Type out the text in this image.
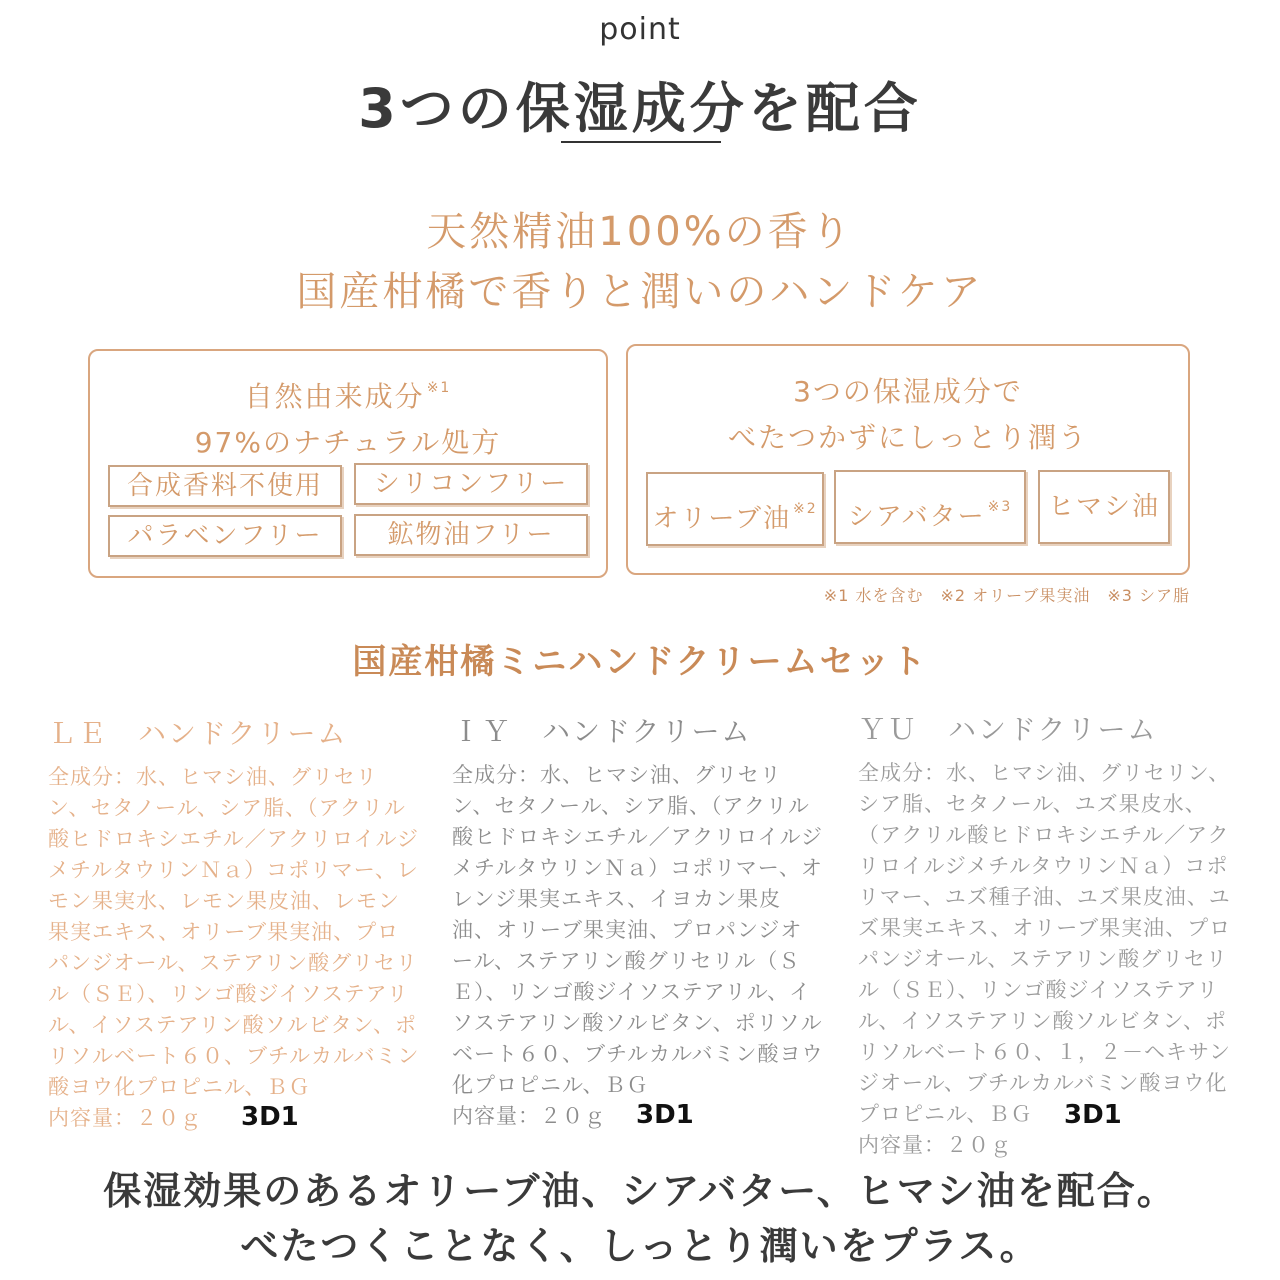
point
3つの保湿成分を配合
天然精油100%の香り
国産柑橘で香りと潤いのハンドケア
自然由来成分 $^{※1}$
97%のナチュラル処方
合成香料不使用	シリコンフリー
パラベンフリー	鉱物油フリー
3つの保湿成分で
べたつかずにしっとり潤う
オリーブ油 $^{※2}$	シアバター $^{※3}$	ヒマシ油
※1 水を含む　※2 オリーブ果実油　※3 シア脂
国産柑橘ミニハンドクリームセット
ＬＥ　ハンドクリーム
全成分：水、ヒマシ油、グリセリン、セタノール、シア脂、（アクリル酸ヒドロキシエチル／アクリロイルジメチルタウリンＮａ）コポリマー、レモン果実水、レモン果皮油、レモン果実エキス、オリーブ果実油、プロパンジオール、ステアリン酸グリセリル（ＳＥ）、リンゴ酸ジイソステアリル、イソステアリン酸ソルビタン、ポリソルベート６０、ブチルカルバミン酸ヨウ化プロピニル、ＢＧ
内容量：２０ｇ
ＩＹ　ハンドクリーム
全成分：水、ヒマシ油、グリセリン、セタノール、シア脂、（アクリル酸ヒドロキシエチル／アクリロイルジメチルタウリンＮａ）コポリマー、オレンジ果実エキス、イヨカン果皮油、オリーブ果実油、プロパンジオール、ステアリン酸グリセリル（ＳＥ）、リンゴ酸ジイソステアリル、イソステアリン酸ソルビタン、ポリソルベート６０、ブチルカルバミン酸ヨウ化プロピニル、ＢＧ
内容量：２０ｇ
ＹＵ　ハンドクリーム
全成分：水、ヒマシ油、グリセリン、シア脂、セタノール、ユズ果皮水、（アクリル酸ヒドロキシエチル／アクリロイルジメチルタウリンＮａ）コポリマー、ユズ種子油、ユズ果皮油、ユズ果実エキス、オリーブ果実油、プロパンジオール、ステアリン酸グリセリル（ＳＥ）、リンゴ酸ジイソステアリル、イソステアリン酸ソルビタン、ポリソルベート６０、１，２－ヘキサンジオール、ブチルカルバミン酸ヨウ化プロピニル、ＢＧ
内容量：２０ｇ
3D1	3D1	3D1
保湿効果のあるオリーブ油、シアバター、ヒマシ油を配合。
べたつくことなく、しっとり潤いをプラス。
